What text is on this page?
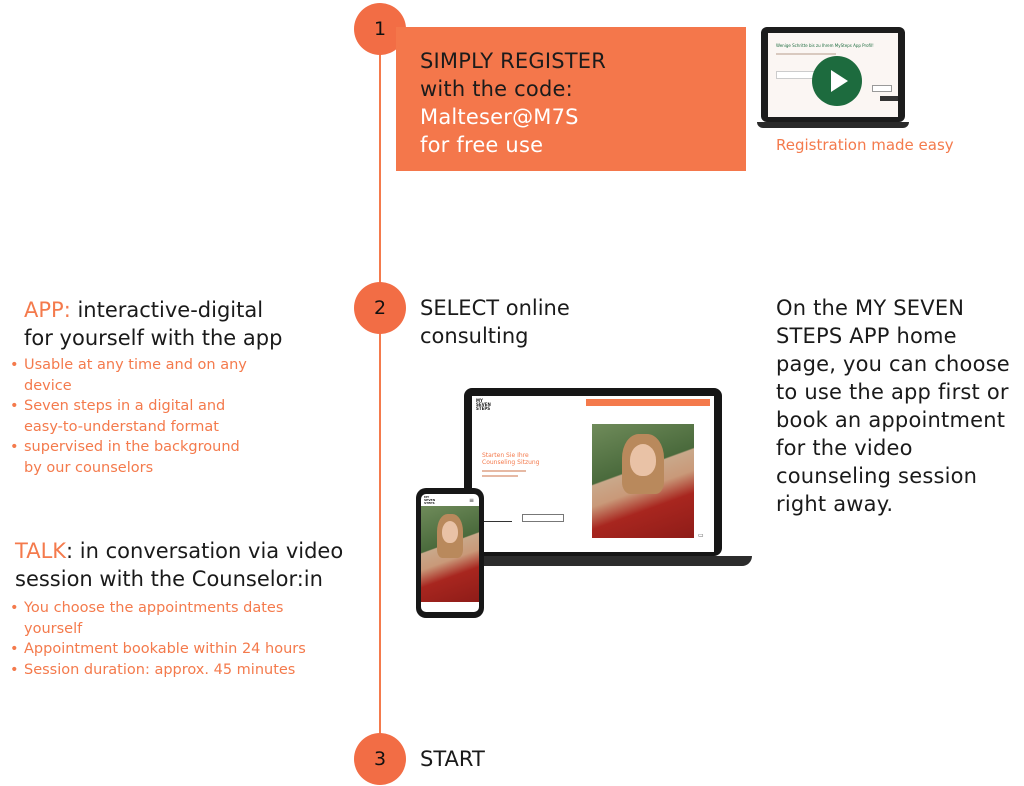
1
2
3
SIMPLY REGISTER
with the code:
Malteser@M7S
for free use
Wenige Schritte bis zu Ihrem MySteps App Profil!
Registration made easy
SELECT online
consulting
APP: interactive-digital
for yourself with the app
• Usable at any time and on any
device
• Seven steps in a digital and
easy-to-understand format
• supervised in the background
by our counselors
TALK: in conversation via video
session with the Counselor:in
• You choose the appointments dates
yourself
• Appointment bookable within 24 hours
• Session duration: approx. 45 minutes
On the MY SEVEN
STEPS APP home
page, you can choose
to use the app first or
book an appointment
for the video
counseling session
right away.
MY SEVEN STEPS
Starten Sie Ihre Counseling Sitzung
▭
MY SEVEN STEPS	≡
START
